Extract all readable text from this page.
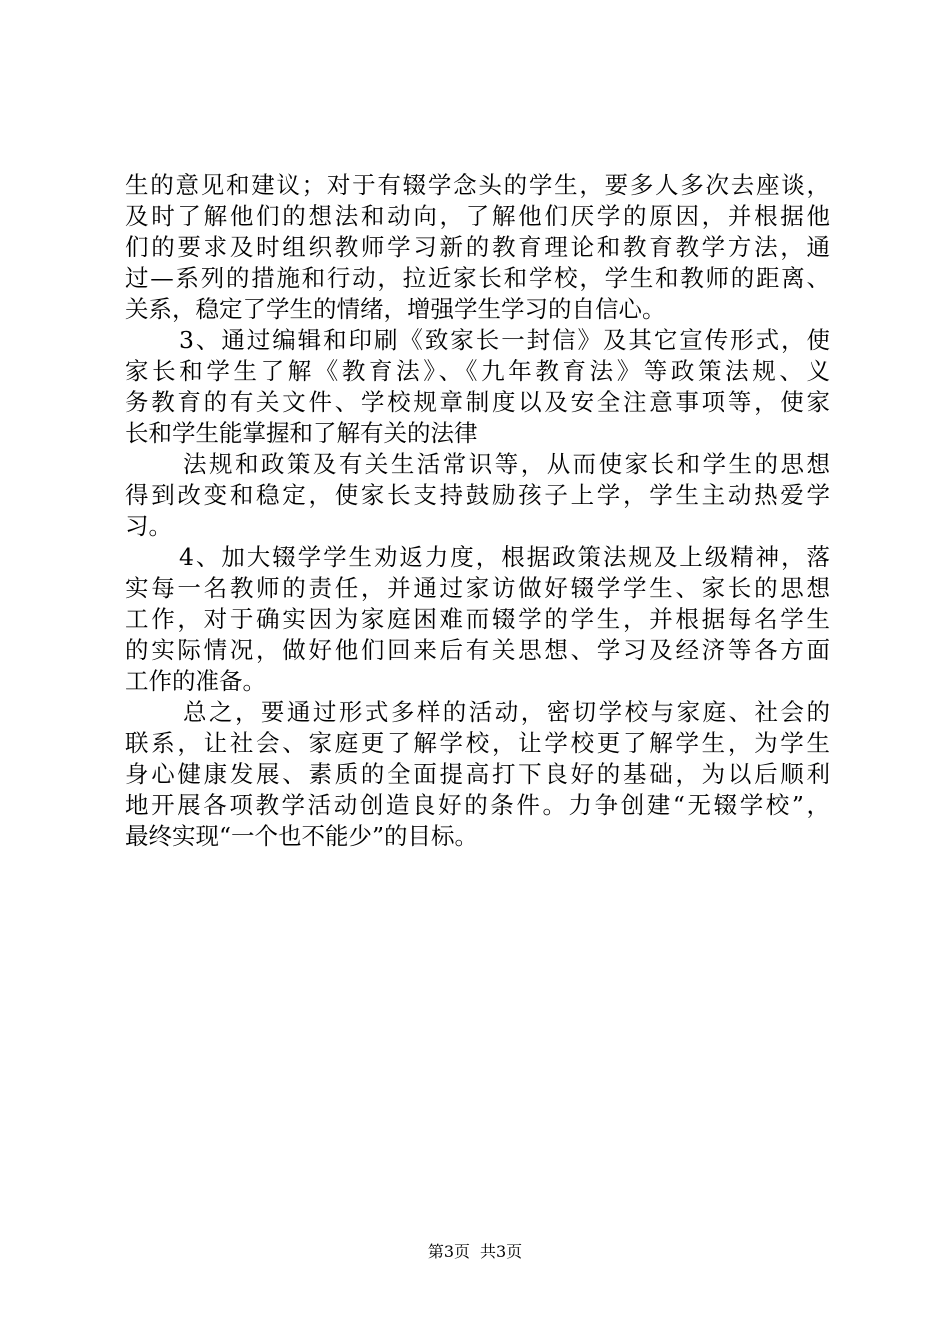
生的意见和建议；对于有辍学念头的学生，要多人多次去座谈，
及时了解他们的想法和动向，了解他们厌学的原因，并根据他
们的要求及时组织教师学习新的教育理论和教育教学方法，通
过—系列的措施和行动，拉近家长和学校，学生和教师的距离、
关系，稳定了学生的情绪，增强学生学习的自信心。
3、通过编辑和印刷《致家长一封信》及其它宣传形式，使
家长和学生了解《教育法》、《九年教育法》等政策法规、义
务教育的有关文件、学校规章制度以及安全注意事项等，使家
长和学生能掌握和了解有关的法律
法规和政策及有关生活常识等，从而使家长和学生的思想
得到改变和稳定，使家长支持鼓励孩子上学，学生主动热爱学
习。
4、加大辍学学生劝返力度，根据政策法规及上级精神，落
实每一名教师的责任，并通过家访做好辍学学生、家长的思想
工作，对于确实因为家庭困难而辍学的学生，并根据每名学生
的实际情况，做好他们回来后有关思想、学习及经济等各方面
工作的准备。
总之，要通过形式多样的活动，密切学校与家庭、社会的
联系，让社会、家庭更了解学校，让学校更了解学生，为学生
身心健康发展、素质的全面提高打下良好的基础，为以后顺利
地开展各项教学活动创造良好的条件。力争创建“无辍学校”，
最终实现“一个也不能少”的目标。
第3页 共3页
